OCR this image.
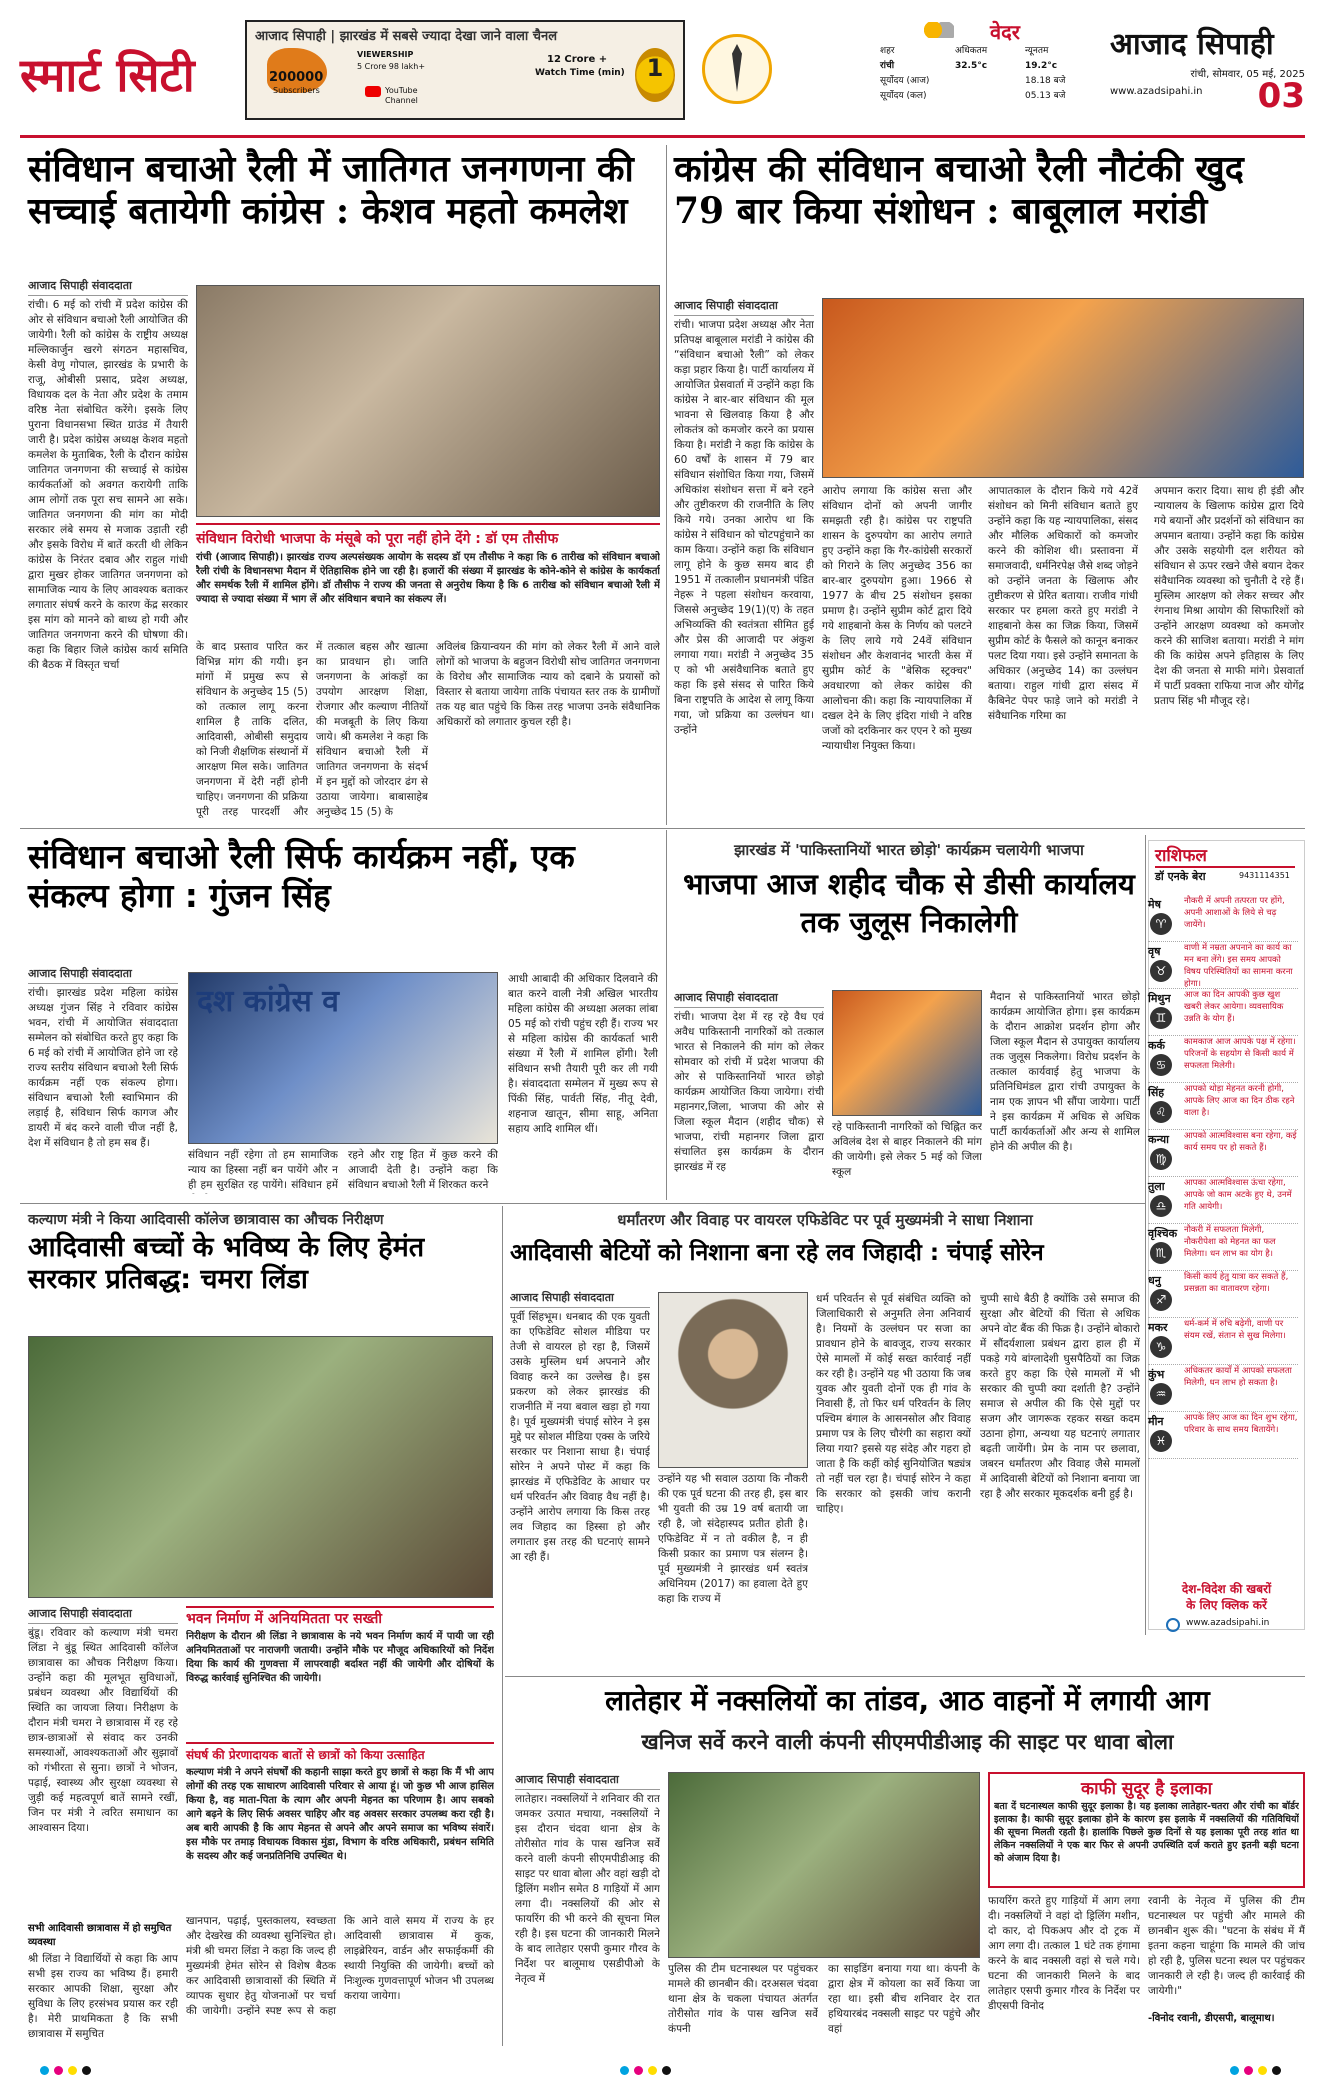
स्मार्ट सिटी
आजाद सिपाही | झारखंड में सबसे ज्यादा देखा जाने वाला चैनल
200000
Subscribers
VIEWERSHIP
5 Crore 98 lakh+
12 Crore +
Watch Time (min)
YouTube Channel
1
वेदर
शहर	अधिकतम	न्यूनतम
रांची	32.5°c	19.2°c
सूर्योदय (आज)	18.18 बजे
सूर्योदय (कल)	05.13 बजे
आजाद सिपाही
रांची, सोमवार, 05 मई, 2025
www.azadsipahi.in	03
संविधान बचाओ रैली में जातिगत जनगणना की सच्चाई बतायेगी कांग्रेस : केशव महतो कमलेश
आजाद सिपाही संवाददाता
रांची। 6 मई को रांची में प्रदेश कांग्रेस की ओर से संविधान बचाओ रैली आयोजित की जायेगी। रैली को कांग्रेस के राष्ट्रीय अध्यक्ष मल्लिकार्जुन खरगे संगठन महासचिव, केसी वेणु गोपाल, झारखंड के प्रभारी के राजू, ओबीसी प्रसाद, प्रदेश अध्यक्ष, विधायक दल के नेता और प्रदेश के तमाम वरिष्ठ नेता संबोधित करेंगे। इसके लिए पुराना विधानसभा स्थित ग्राउंड में तैयारी जारी है। प्रदेश कांग्रेस अध्यक्ष केशव महतो कमलेश के मुताबिक, रैली के दौरान कांग्रेस जातिगत जनगणना की सच्चाई से कांग्रेस कार्यकर्ताओं को अवगत करायेगी ताकि आम लोगों तक पूरा सच सामने आ सके। जातिगत जनगणना की मांग का मोदी सरकार लंबे समय से मजाक उड़ाती रही और इसके विरोध में बातें करती थी लेकिन कांग्रेस के निरंतर दबाव और राहुल गांधी द्वारा मुखर होकर जातिगत जनगणना को सामाजिक न्याय के लिए आवश्यक बताकर लगातार संघर्ष करने के कारण केंद्र सरकार इस मांग को मानने को बाध्य हो गयी और जातिगत जनगणना करने की घोषणा की। कहा कि बिहार जिले कांग्रेस कार्य समिति की बैठक में विस्तृत चर्चा
संविधान विरोधी भाजपा के मंसूबे को पूरा नहीं होने देंगे : डॉ एम तौसीफ
रांची (आजाद सिपाही)। झारखंड राज्य अल्पसंख्यक आयोग के सदस्य डॉ एम तौसीफ ने कहा कि 6 तारीख को संविधान बचाओ रैली रांची के विधानसभा मैदान में ऐतिहासिक होने जा रही है। हजारों की संख्या में झारखंड के कोने-कोने से कांग्रेस के कार्यकर्ता और समर्थक रैली में शामिल होंगे। डॉ तौसीफ ने राज्य की जनता से अनुरोध किया है कि 6 तारीख को संविधान बचाओ रैली में ज्यादा से ज्यादा संख्या में भाग लें और संविधान बचाने का संकल्प लें।
के बाद प्रस्ताव पारित कर विभिन्न मांग की गयी। इन मांगों में प्रमुख रूप से संविधान के अनुच्छेद 15 (5) को तत्काल लागू करना शामिल है ताकि दलित, आदिवासी, ओबीसी समुदाय को निजी शैक्षणिक संस्थानों में आरक्षण मिल सके। जातिगत जनगणना में देरी नहीं होनी चाहिए। जनगणना की प्रक्रिया पूरी तरह पारदर्शी और
में तत्काल बहस और खात्मा का प्रावधान हो। जाति जनगणना के आंकड़ों का उपयोग आरक्षण शिक्षा, रोजगार और कल्याण नीतियों की मजबूती के लिए किया जाये। श्री कमलेश ने कहा कि संविधान बचाओ रैली में जातिगत जनगणना के संदर्भ में इन मुद्दों को जोरदार ढंग से उठाया जायेगा। बाबासाहेब अनुच्छेद 15 (5) के
अविलंब क्रियान्वयन की मांग को लेकर रैली में आने वाले लोगों को भाजपा के बहुजन विरोधी सोच जातिगत जनगणना के विरोध और सामाजिक न्याय को दबाने के प्रयासों को विस्तार से बताया जायेगा ताकि पंचायत स्तर तक के ग्रामीणों तक यह बात पहुंचे कि किस तरह भाजपा उनके संवैधानिक अधिकारों को लगातार कुचल रही है।
कांग्रेस की संविधान बचाओ रैली नौटंकी खुद 79 बार किया संशोधन : बाबूलाल मरांडी
आजाद सिपाही संवाददाता
रांची। भाजपा प्रदेश अध्यक्ष और नेता प्रतिपक्ष बाबूलाल मरांडी ने कांग्रेस की “संविधान बचाओ रैली” को लेकर कड़ा प्रहार किया है। पार्टी कार्यालय में आयोजित प्रेसवार्ता में उन्होंने कहा कि कांग्रेस ने बार-बार संविधान की मूल भावना से खिलवाड़ किया है और लोकतंत्र को कमजोर करने का प्रयास किया है। मरांडी ने कहा कि कांग्रेस के 60 वर्षों के शासन में 79 बार संविधान संशोधित किया गया, जिसमें अधिकांश संशोधन सत्ता में बने रहने और तुष्टीकरण की राजनीति के लिए किये गये। उनका आरोप था कि कांग्रेस ने संविधान को चोटपहुंचाने का काम किया। उन्होंने कहा कि संविधान लागू होने के कुछ समय बाद ही 1951 में तत्कालीन प्रधानमंत्री पंडित नेहरू ने पहला संशोधन करवाया, जिससे अनुच्छेद 19(1)(ए) के तहत अभिव्यक्ति की स्वतंत्रता सीमित हुई और प्रेस की आजादी पर अंकुश लगाया गया। मरांडी ने अनुच्छेद 35 ए को भी असंवैधानिक बताते हुए कहा कि इसे संसद से पारित किये बिना राष्ट्रपति के आदेश से लागू किया गया, जो प्रक्रिया का उल्लंघन था। उन्होंने
आरोप लगाया कि कांग्रेस सत्ता और संविधान दोनों को अपनी जागीर समझती रही है। कांग्रेस पर राष्ट्रपति शासन के दुरुपयोग का आरोप लगाते हुए उन्होंने कहा कि गैर-कांग्रेसी सरकारों को गिराने के लिए अनुच्छेद 356 का बार-बार दुरुपयोग हुआ। 1966 से 1977 के बीच 25 संशोधन इसका प्रमाण है। उन्होंने सुप्रीम कोर्ट द्वारा दिये गये शाहबानो केस के निर्णय को पलटने के लिए लाये गये 24वें संविधान संशोधन और केशवानंद भारती केस में सुप्रीम कोर्ट के "बेसिक स्ट्रक्चर" अवधारणा को लेकर कांग्रेस की आलोचना की। कहा कि न्यायपालिका में दखल देने के लिए इंदिरा गांधी ने वरिष्ठ जजों को दरकिनार कर एएन रे को मुख्य न्यायाधीश नियुक्त किया।
आपातकाल के दौरान किये गये 42वें संशोधन को मिनी संविधान बताते हुए उन्होंने कहा कि यह न्यायपालिका, संसद और मौलिक अधिकारों को कमजोर करने की कोशिश थी। प्रस्तावना में समाजवादी, धर्मनिरपेक्ष जैसे शब्द जोड़ने को उन्होंने जनता के खिलाफ और तुष्टीकरण से प्रेरित बताया। राजीव गांधी सरकार पर हमला करते हुए मरांडी ने शाहबानो केस का जिक्र किया, जिसमें सुप्रीम कोर्ट के फैसले को कानून बनाकर पलट दिया गया। इसे उन्होंने समानता के अधिकार (अनुच्छेद 14) का उल्लंघन बताया। राहुल गांधी द्वारा संसद में कैबिनेट पेपर फाड़े जाने को मरांडी ने संवैधानिक गरिमा का
अपमान करार दिया। साथ ही इंडी और न्यायालय के खिलाफ कांग्रेस द्वारा दिये गये बयानों और प्रदर्शनों को संविधान का अपमान बताया। उन्होंने कहा कि कांग्रेस और उसके सहयोगी दल शरीयत को संविधान से ऊपर रखने जैसे बयान देकर संवैधानिक व्यवस्था को चुनौती दे रहे हैं। मुस्लिम आरक्षण को लेकर सच्चर और रंगनाथ मिश्रा आयोग की सिफारिशों को उन्होंने आरक्षण व्यवस्था को कमजोर करने की साजिश बताया। मरांडी ने मांग की कि कांग्रेस अपने इतिहास के लिए देश की जनता से माफी मांगे। प्रेसवार्ता में पार्टी प्रवक्ता राफिया नाज और योगेंद्र प्रताप सिंह भी मौजूद रहे।
संविधान बचाओ रैली सिर्फ कार्यक्रम नहीं, एक संकल्प होगा : गुंजन सिंह
आजाद सिपाही संवाददाता
रांची। झारखंड प्रदेश महिला कांग्रेस अध्यक्ष गुंजन सिंह ने रविवार कांग्रेस भवन, रांची में आयोजित संवाददाता सम्मेलन को संबोधित करते हुए कहा कि 6 मई को रांची में आयोजित होने जा रहे राज्य स्तरीय संविधान बचाओ रैली सिर्फ कार्यक्रम नहीं एक संकल्प होगा। संविधान बचाओ रैली स्वाभिमान की लड़ाई है, संविधान सिर्फ कागज और डायरी में बंद करने वाली चीज नहीं है, देश में संविधान है तो हम सब हैं।
दश कांग्रेस व
संविधान नहीं रहेगा तो हम सामाजिक न्याय का हिस्सा नहीं बन पायेंगे और न ही हम सुरक्षित रह पायेंगे। संविधान हमें
रहने और राष्ट्र हित में कुछ करने की आजादी देती है। उन्होंने कहा कि संविधान बचाओ रैली में शिरकत करने
आधी आबादी की अधिकार दिलवाने की बात करने वाली नेत्री अखिल भारतीय महिला कांग्रेस की अध्यक्षा अलका लांबा 05 मई को रांची पहुंच रही हैं। राज्य भर से महिला कांग्रेस की कार्यकर्ता भारी संख्या में रैली में शामिल होंगी। रैली संविधान सभी तैयारी पूरी कर ली गयी है। संवाददाता सम्मेलन में मुख्य रूप से पिंकी सिंह, पार्वती सिंह, नीतू देवी, शहनाज खातून, सीमा साहू, अनिता सहाय आदि शामिल थीं।
झारखंड में 'पाकिस्तानियों भारत छोड़ो' कार्यक्रम चलायेगी भाजपा
भाजपा आज शहीद चौक से डीसी कार्यालय तक जुलूस निकालेगी
आजाद सिपाही संवाददाता
रांची। भाजपा देश में रह रहे वैध एवं अवैध पाकिस्तानी नागरिकों को तत्काल भारत से निकालने की मांग को लेकर सोमवार को रांची में प्रदेश भाजपा की ओर से पाकिस्तानियों भारत छोड़ो कार्यक्रम आयोजित किया जायेगा। रांची महानगर,जिला, भाजपा की ओर से जिला स्कूल मैदान (शहीद चौक) से भाजपा, रांची महानगर जिला द्वारा संचालित इस कार्यक्रम के दौरान झारखंड में रह
रहे पाकिस्तानी नागरिकों को चिह्नित कर अविलंब देश से बाहर निकालने की मांग की जायेगी। इसे लेकर 5 मई को जिला स्कूल
मैदान से पाकिस्तानियों भारत छोड़ो कार्यक्रम आयोजित होगा। इस कार्यक्रम के दौरान आक्रोश प्रदर्शन होगा और जिला स्कूल मैदान से उपायुक्त कार्यालय तक जुलूस निकलेगा। विरोध प्रदर्शन के तत्काल कार्यवाई हेतु भाजपा के प्रतिनिधिमंडल द्वारा रांची उपायुक्त के नाम एक ज्ञापन भी सौंपा जायेगा। पार्टी ने इस कार्यक्रम में अधिक से अधिक पार्टी कार्यकर्ताओं और अन्य से शामिल होने की अपील की है।
राशिफल
डॉ एनके बेरा	9431114351
मेष
♈
नौकरी में अपनी तत्परता पर होंगे, अपनी आशाओं के लिये से चढ़ जायेंगे।
वृष
♉
वाणी में नम्रता अपनाने का कार्य का मन बना लेंगे। इस समय आपको विषय परिस्थितियों का सामना करना होगा।
मिथुन
♊
आज का दिन आपकी कुछ खुश खबरी लेकर आयेगा। व्यवसायिक उन्नति के योग हैं।
कर्क
♋
कामकाज आज आपके पक्ष में रहेगा। परिजनों के सहयोग से किसी कार्य में सफलता मिलेगी।
सिंह
♌
आपको थोड़ा मेहनत करनी होगी, आपके लिए आज का दिन ठीक रहने वाला है।
कन्या
♍
आपको आत्मविश्वास बना रहेगा, कई कार्य समय पर हो सकते हैं।
तुला
♎
आपका आत्मविश्वास ऊंचा रहेगा, आपके जो काम अटके हुए थे, उनमें गति आयेगी।
वृश्चिक
♏
नौकरी में सफलता मिलेगी, नौकरीपेशा को मेहनत का फल मिलेगा। धन लाभ का योग है।
धनु
♐
किसी कार्य हेतु यात्रा कर सकते हैं, प्रसन्नता का वातावरण रहेगा।
मकर
♑
धर्म-कर्म में रुचि बढ़ेगी, वाणी पर संयम रखें, संतान से सुख मिलेगा।
कुंभ
♒
अधिकतर कार्यों में आपको सफलता मिलेगी, धन लाभ हो सकता है।
मीन
♓
आपके लिए आज का दिन शुभ रहेगा, परिवार के साथ समय बितायेंगे।
देश-विदेश की खबरों
के लिए क्लिक करें
www.azadsipahi.in
कल्याण मंत्री ने किया आदिवासी कॉलेज छात्रावास का औचक निरीक्षण
आदिवासी बच्चों के भविष्य के लिए हेमंत सरकार प्रतिबद्ध: चमरा लिंडा
आजाद सिपाही संवाददाता
बुंडू। रविवार को कल्याण मंत्री चमरा लिंडा ने बुंडू स्थित आदिवासी कॉलेज छात्रावास का औचक निरीक्षण किया। उन्होंने कहा की मूलभूत सुविधाओं, प्रबंधन व्यवस्था और विद्यार्थियों की स्थिति का जायजा लिया। निरीक्षण के दौरान मंत्री चमरा ने छात्रावास में रह रहे छात्र-छात्राओं से संवाद कर उनकी समस्याओं, आवश्यकताओं और सुझावों को गंभीरता से सुना। छात्रों ने भोजन, पढ़ाई, स्वास्थ्य और सुरक्षा व्यवस्था से जुड़ी कई महत्वपूर्ण बातें सामने रखीं, जिन पर मंत्री ने त्वरित समाधान का आश्वासन दिया।
सभी आदिवासी छात्रावास में हो समुचित व्यवस्था
श्री लिंडा ने विद्यार्थियों से कहा कि आप सभी इस राज्य का भविष्य हैं। हमारी सरकार आपकी शिक्षा, सुरक्षा और सुविधा के लिए हरसंभव प्रयास कर रही है। मेरी प्राथमिकता है कि सभी छात्रावास में समुचित
भवन निर्माण में अनियमितता पर सख्ती
निरीक्षण के दौरान श्री लिंडा ने छात्रावास के नये भवन निर्माण कार्य में पायी जा रही अनियमितताओं पर नाराजगी जतायी। उन्होंने मौके पर मौजूद अधिकारियों को निर्देश दिया कि कार्य की गुणवत्ता में लापरवाही बर्दाश्त नहीं की जायेगी और दोषियों के विरुद्ध कार्रवाई सुनिश्चित की जायेगी।
संघर्ष की प्रेरणादायक बातों से छात्रों को किया उत्साहित
कल्याण मंत्री ने अपने संघर्षों की कहानी साझा करते हुए छात्रों से कहा कि मैं भी आप लोगों की तरह एक साधारण आदिवासी परिवार से आया हूं। जो कुछ भी आज हासिल किया है, वह माता-पिता के त्याग और अपनी मेहनत का परिणाम है। आप सबको आगे बढ़ने के लिए सिर्फ अवसर चाहिए और वह अवसर सरकार उपलब्ध करा रही है। अब बारी आपकी है कि आप मेहनत से अपने और अपने समाज का भविष्य संवारें। इस मौके पर तमाड़ विधायक विकास मुंडा, विभाग के वरिष्ठ अधिकारी, प्रबंधन समिति के सदस्य और कई जनप्रतिनिधि उपस्थित थे।
खानपान, पढ़ाई, पुस्तकालय, स्वच्छता और देखरेख की व्यवस्था सुनिश्चित हो। मंत्री श्री चमरा लिंडा ने कहा कि जल्द ही मुख्यमंत्री हेमंत सोरेन से विशेष बैठक कर आदिवासी छात्रावासों की स्थिति में व्यापक सुधार हेतु योजनाओं पर चर्चा की जायेगी। उन्होंने स्पष्ट रूप से कहा कि आने वाले समय में राज्य के हर आदिवासी छात्रावास में कुक, लाइब्रेरियन, वार्डन और सफाईकर्मी की स्थायी नियुक्ति की जायेगी। बच्चों को निःशुल्क गुणवत्तापूर्ण भोजन भी उपलब्ध कराया जायेगा।
धर्मांतरण और विवाह पर वायरल एफिडेविट पर पूर्व मुख्यमंत्री ने साधा निशाना
आदिवासी बेटियों को निशाना बना रहे लव जिहादी : चंपाई सोरेन
आजाद सिपाही संवाददाता
पूर्वी सिंहभूम। धनबाद की एक युवती का एफिडेविट सोशल मीडिया पर तेजी से वायरल हो रहा है, जिसमें उसके मुस्लिम धर्म अपनाने और विवाह करने का उल्लेख है। इस प्रकरण को लेकर झारखंड की राजनीति में नया बवाल खड़ा हो गया है। पूर्व मुख्यमंत्री चंपाई सोरेन ने इस मुद्दे पर सोशल मीडिया एक्स के जरिये सरकार पर निशाना साधा है। चंपाई सोरेन ने अपने पोस्ट में कहा कि झारखंड में एफिडेविट के आधार पर धर्म परिवर्तन और विवाह वैध नहीं है। उन्होंने आरोप लगाया कि किस तरह लव जिहाद का हिस्सा हो और लगातार इस तरह की घटनाएं सामने आ रही हैं।
उन्होंने यह भी सवाल उठाया कि नौकरी की एक पूर्व घटना की तरह ही, इस बार भी युवती की उम्र 19 वर्ष बतायी जा रही है, जो संदेहास्पद प्रतीत होती है। एफिडेविट में न तो वकील है, न ही किसी प्रकार का प्रमाण पत्र संलग्न है। पूर्व मुख्यमंत्री ने झारखंड धर्म स्वतंत्र अधिनियम (2017) का हवाला देते हुए कहा कि राज्य में
धर्म परिवर्तन से पूर्व संबंधित व्यक्ति को जिलाधिकारी से अनुमति लेना अनिवार्य है। नियमों के उल्लंघन पर सजा का प्रावधान होने के बावजूद, राज्य सरकार ऐसे मामलों में कोई सख्त कार्रवाई नहीं कर रही है। उन्होंने यह भी उठाया कि जब युवक और युवती दोनों एक ही गांव के निवासी हैं, तो फिर धर्म परिवर्तन के लिए पश्चिम बंगाल के आसनसोल और विवाह प्रमाण पत्र के लिए चौरंगी का सहारा क्यों लिया गया? इससे यह संदेह और गहरा हो जाता है कि कहीं कोई सुनियोजित षड्यंत्र तो नहीं चल रहा है। चंपाई सोरेन ने कहा कि सरकार को इसकी जांच करानी चाहिए।
चुप्पी साधे बैठी है क्योंकि उसे समाज की सुरक्षा और बेटियों की चिंता से अधिक अपने वोट बैंक की फिक्र है। उन्होंने बोकारो में सौंदर्यशाला प्रबंधन द्वारा हाल ही में पकड़े गये बांग्लादेशी घुसपैठियों का जिक्र करते हुए कहा कि ऐसे मामलों में भी सरकार की चुप्पी क्या दर्शाती है? उन्होंने समाज से अपील की कि ऐसे मुद्दों पर सजग और जागरूक रहकर सख्त कदम उठाना होगा, अन्यथा यह घटनाएं लगातार बढ़ती जायेंगी। प्रेम के नाम पर छलावा, जबरन धर्मांतरण और विवाह जैसे मामलों में आदिवासी बेटियों को निशाना बनाया जा रहा है और सरकार मूकदर्शक बनी हुई है।
लातेहार में नक्सलियों का तांडव, आठ वाहनों में लगायी आग
खनिज सर्वे करने वाली कंपनी सीएमपीडीआइ की साइट पर धावा बोला
आजाद सिपाही संवाददाता
लातेहार। नक्सलियों ने शनिवार की रात जमकर उत्पात मचाया, नक्सलियों ने इस दौरान चंदवा थाना क्षेत्र के तोरीसोत गांव के पास खनिज सर्वे करने वाली कंपनी सीएमपीडीआइ की साइट पर धावा बोला और वहां खड़ी दो ड्रिलिंग मशीन समेत 8 गाड़ियों में आग लगा दी। नक्सलियों की ओर से फायरिंग की भी करने की सूचना मिल रही है। इस घटना की जानकारी मिलने के बाद लातेहार एसपी कुमार गौरव के निर्देश पर बालूमाथ एसडीपीओ के नेतृत्व में
पुलिस की टीम घटनास्थल पर पहुंचकर मामले की छानबीन की। दरअसल चंदवा थाना क्षेत्र के चकला पंचायत अंतर्गत तोरीसोत गांव के पास खनिज सर्वे कंपनी
का साइडिंग बनाया गया था। कंपनी के द्वारा क्षेत्र में कोयला का सर्वे किया जा रहा था। इसी बीच शनिवार देर रात हथियारबंद नक्सली साइट पर पहुंचे और वहां
काफी सुदूर है इलाका
बता दें घटनास्थल काफी सुदूर इलाका है। यह इलाका लातेहार-चतरा और रांची का बॉर्डर इलाका है। काफी सुदूर इलाका होने के कारण इस इलाके में नक्सलियों की गतिविधियों की सूचना मिलती रहती है। हालांकि पिछले कुछ दिनों से यह इलाका पूरी तरह शांत था लेकिन नक्सलियों ने एक बार फिर से अपनी उपस्थिति दर्ज कराते हुए इतनी बड़ी घटना को अंजाम दिया है।
फायरिंग करते हुए गाड़ियों में आग लगा दी। नक्सलियों ने वहां दो ड्रिलिंग मशीन, दो कार, दो पिकअप और दो ट्रक में आग लगा दी। तत्काल 1 घंटे तक हंगामा करने के बाद नक्सली वहां से चले गये। घटना की जानकारी मिलने के बाद लातेहार एसपी कुमार गौरव के निर्देश पर डीएसपी विनोद
रवानी के नेतृत्व में पुलिस की टीम घटनास्थल पर पहुंची और मामले की छानबीन शुरू की। "घटना के संबंध में मैं इतना कहना चाहूंगा कि मामले की जांच हो रही है, पुलिस घटना स्थल पर पहुंचकर जानकारी ले रही है। जल्द ही कार्रवाई की जायेगी।"
-विनोद रवानी, डीएसपी, बालूमाथ।
